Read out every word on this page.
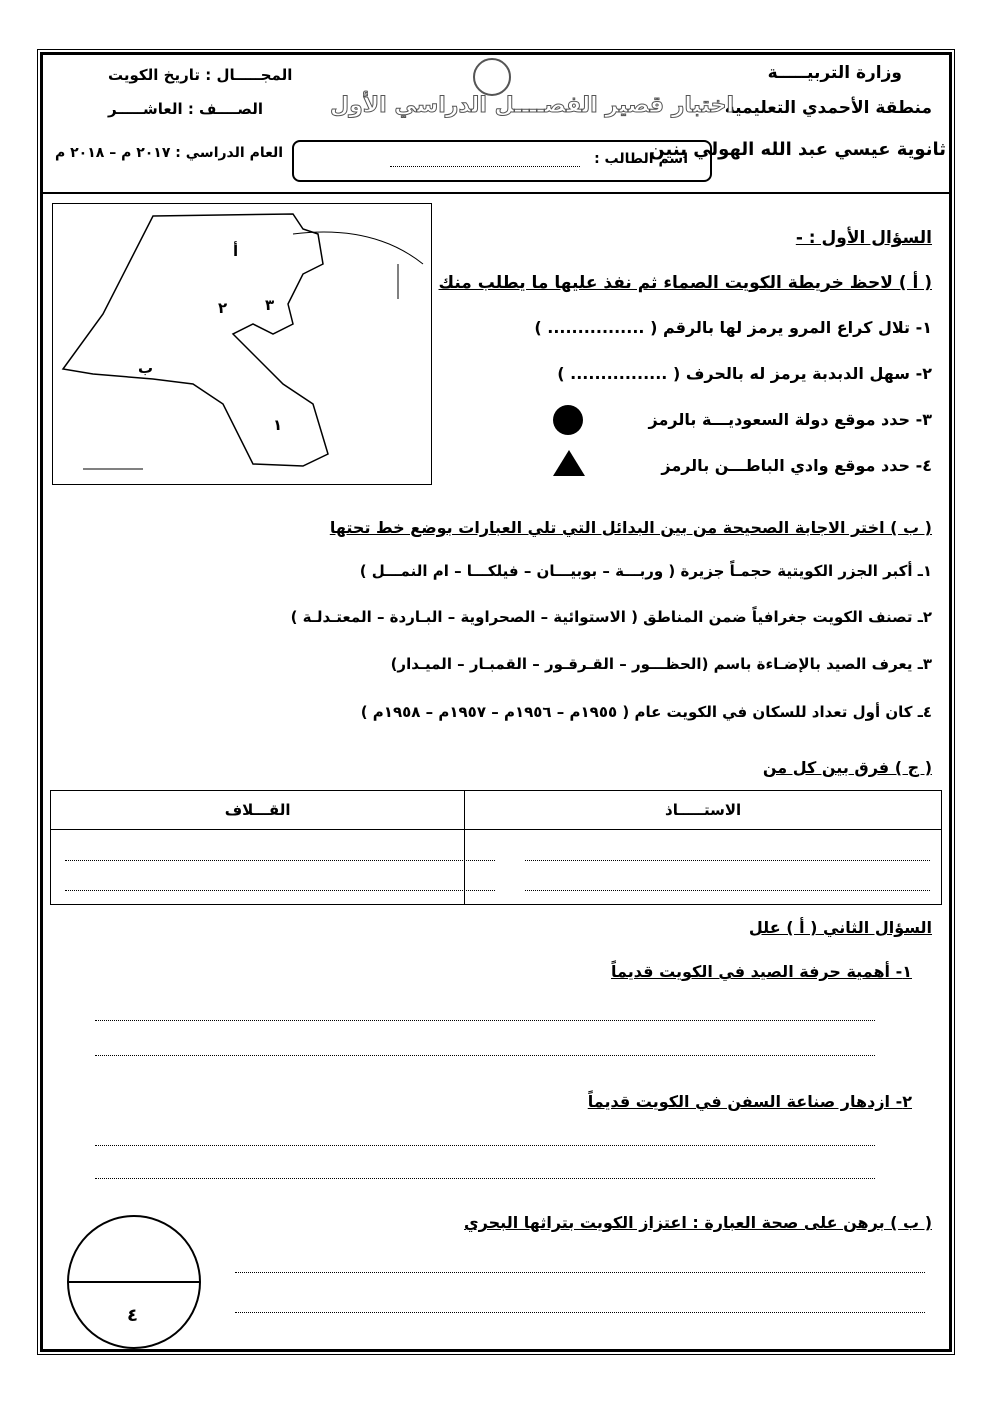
وزارة التربيـــــة
منطقة الأحمدي التعليمية
ثانوية عيسي عبد الله الهولي بنين
اختبار قصير الفصــــل الدراسي الأول
المجـــــال : تاريخ الكويت
الصــــف : العاشـــــر
العام الدراسي : ٢٠١٧ م – ٢٠١٨ م	اسم الطالب :
السؤال الأول : -
( أ ) لاحظ خريطة الكويت الصماء ثم نفذ عليها ما يطلب منك
١- تلال كراع المرو يرمز لها بالرقم ( ................ )
٢- سهل الدبدبة يرمز له بالحرف ( ................ )
٣- حدد موقع دولة السعوديـــة بالرمز
٤- حدد موقع وادي الباطـــن بالرمز
أ
٢	٣
ب
١
( ب ) اختر الاجابة الصحيحة من بين البدائل التي تلي العبارات بوضع خط تحتها
١ـ أكبر الجزر الكويتية حجمـاً جزيرة ( وربـــة – بوبيـــان – فيلكـــا – ام النمـــل )
٢ـ تصنف الكويت جغرافياً ضمن المناطق ( الاستوائية – الصحراوية – البـاردة – المعتـدلـة )
٣ـ يعرف الصيد بالإضـاءة باسم (الحظـــور – القـرقـور – القمبـار – الميـدار)
٤ـ كان أول تعداد للسكان في الكويت عام ( ١٩٥٥م – ١٩٥٦م – ١٩٥٧م – ١٩٥٨م )
( ج ) فرق بين كل من
الاستـــــاذ	القـــلاف

السؤال الثاني ( أ ) علل
١- أهمية حرفة الصيد في الكويت قديماً
٢- ازدهار صناعة السفن في الكويت قديماً
( ب ) برهن على صحة العبارة : اعتزاز الكويت بتراثها البحري
٤
